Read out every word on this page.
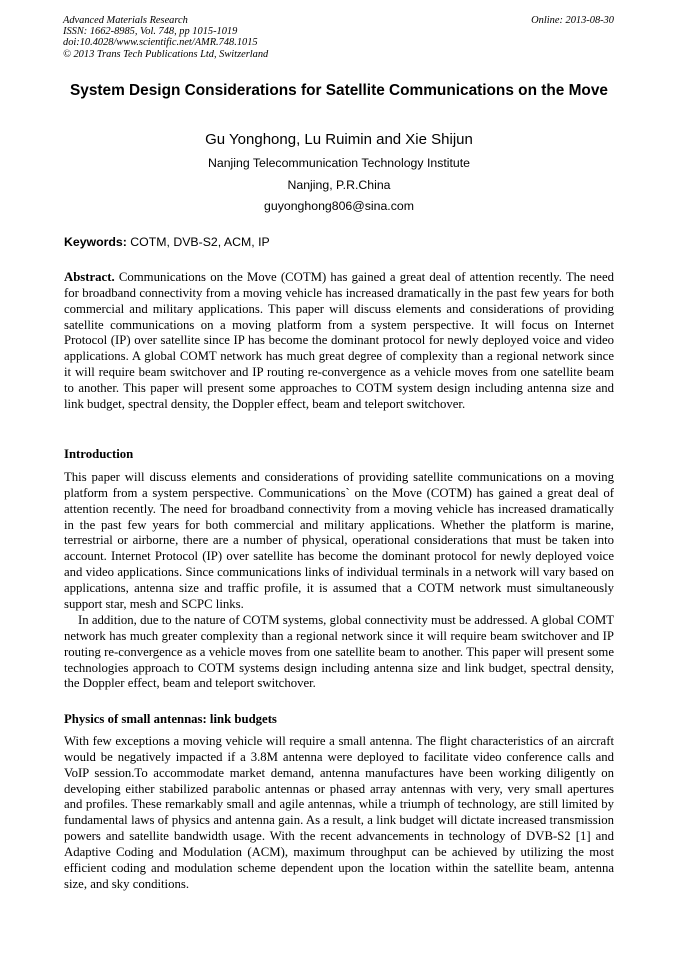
Advanced Materials Research
ISSN: 1662-8985, Vol. 748, pp 1015-1019
doi:10.4028/www.scientific.net/AMR.748.1015
© 2013 Trans Tech Publications Ltd, Switzerland
Online: 2013-08-30
System Design Considerations for Satellite Communications on the Move
Gu Yonghong, Lu Ruimin and Xie Shijun
Nanjing Telecommunication Technology Institute
Nanjing, P.R.China
guyonghong806@sina.com
Keywords: COTM, DVB-S2, ACM, IP
Abstract. Communications on the Move (COTM) has gained a great deal of attention recently. The need for broadband connectivity from a moving vehicle has increased dramatically in the past few years for both commercial and military applications. This paper will discuss elements and considerations of providing satellite communications on a moving platform from a system perspective. It will focus on Internet Protocol (IP) over satellite since IP has become the dominant protocol for newly deployed voice and video applications. A global COMT network has much great degree of complexity than a regional network since it will require beam switchover and IP routing re-convergence as a vehicle moves from one satellite beam to another. This paper will present some approaches to COTM system design including antenna size and link budget, spectral density, the Doppler effect, beam and teleport switchover.
Introduction
This paper will discuss elements and considerations of providing satellite communications on a moving platform from a system perspective. Communications` on the Move (COTM) has gained a great deal of attention recently. The need for broadband connectivity from a moving vehicle has increased dramatically in the past few years for both commercial and military applications. Whether the platform is marine, terrestrial or airborne, there are a number of physical, operational considerations that must be taken into account. Internet Protocol (IP) over satellite has become the dominant protocol for newly deployed voice and video applications. Since communications links of individual terminals in a network will vary based on applications, antenna size and traffic profile, it is assumed that a COTM network must simultaneously support star, mesh and SCPC links.
In addition, due to the nature of COTM systems, global connectivity must be addressed. A global COMT network has much greater complexity than a regional network since it will require beam switchover and IP routing re-convergence as a vehicle moves from one satellite beam to another. This paper will present some technologies approach to COTM systems design including antenna size and link budget, spectral density, the Doppler effect, beam and teleport switchover.
Physics of small antennas: link budgets
With few exceptions a moving vehicle will require a small antenna. The flight characteristics of an aircraft would be negatively impacted if a 3.8M antenna were deployed to facilitate video conference calls and VoIP session.To accommodate market demand, antenna manufactures have been working diligently on developing either stabilized parabolic antennas or phased array antennas with very, very small apertures and profiles. These remarkably small and agile antennas, while a triumph of technology, are still limited by fundamental laws of physics and antenna gain. As a result, a link budget will dictate increased transmission powers and satellite bandwidth usage. With the recent advancements in technology of DVB-S2 [1] and Adaptive Coding and Modulation (ACM), maximum throughput can be achieved by utilizing the most efficient coding and modulation scheme dependent upon the location within the satellite beam, antenna size, and sky conditions.
